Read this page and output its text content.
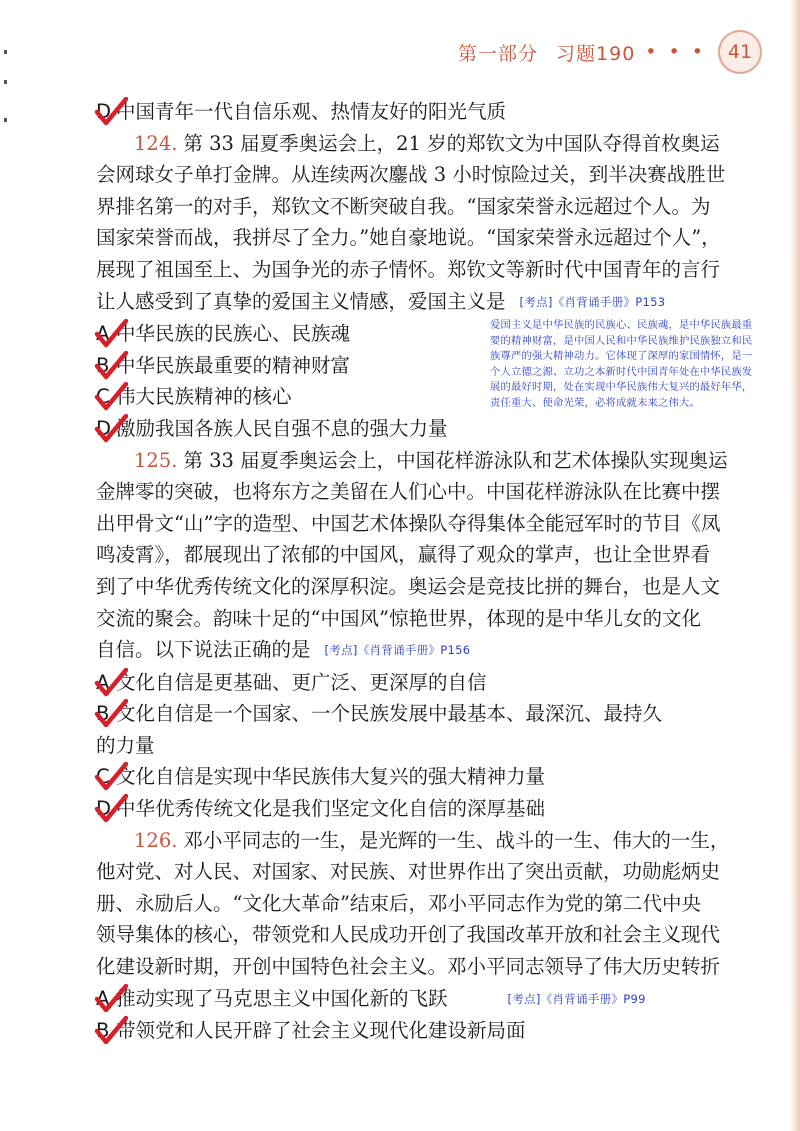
第一部分 习题190 • • •	41
D 中国青年一代自信乐观、热情友好的阳光气质
124. 第 33 届夏季奥运会上，21 岁的郑钦文为中国队夺得首枚奥运
会网球女子单打金牌。从连续两次鏖战 3 小时惊险过关，到半决赛战胜世
界排名第一的对手，郑钦文不断突破自我。“国家荣誉永远超过个人。为
国家荣誉而战，我拼尽了全力。”她自豪地说。“国家荣誉永远超过个人”，
展现了祖国至上、为国争光的赤子情怀。郑钦文等新时代中国青年的言行
让人感受到了真挚的爱国主义情感，爱国主义是 [考点]《肖背诵手册》P153
A 中华民族的民族心、民族魂
B 中华民族最重要的精神财富
C 伟大民族精神的核心
D 激励我国各族人民自强不息的强大力量
125. 第 33 届夏季奥运会上，中国花样游泳队和艺术体操队实现奥运
金牌零的突破，也将东方之美留在人们心中。中国花样游泳队在比赛中摆
出甲骨文“山”字的造型、中国艺术体操队夺得集体全能冠军时的节目《凤
鸣凌霄》，都展现出了浓郁的中国风，赢得了观众的掌声，也让全世界看
到了中华优秀传统文化的深厚积淀。奥运会是竞技比拼的舞台，也是人文
交流的聚会。韵味十足的“中国风”惊艳世界，体现的是中华儿女的文化
自信。以下说法正确的是 [考点]《肖背诵手册》P156
A 文化自信是更基础、更广泛、更深厚的自信
B 文化自信是一个国家、一个民族发展中最基本、最深沉、最持久
的力量
C 文化自信是实现中华民族伟大复兴的强大精神力量
D 中华优秀传统文化是我们坚定文化自信的深厚基础
126. 邓小平同志的一生，是光辉的一生、战斗的一生、伟大的一生，
他对党、对人民、对国家、对民族、对世界作出了突出贡献，功勋彪炳史
册、永励后人。“文化大革命”结束后，邓小平同志作为党的第二代中央
领导集体的核心，带领党和人民成功开创了我国改革开放和社会主义现代
化建设新时期，开创中国特色社会主义。邓小平同志领导了伟大历史转折
A 推动实现了马克思主义中国化新的飞跃	[考点]《肖背诵手册》P99
B 带领党和人民开辟了社会主义现代化建设新局面
爱国主义是中华民族的民族心、民族魂，是中华民族最重要的精神财富，是中国人民和中华民族维护民族独立和民族尊严的强大精神动力。它体现了深厚的家国情怀，是一个人立德之源、立功之本新时代中国青年处在中华民族发展的最好时期，处在实现中华民族伟大复兴的最好年华，责任重大、使命光荣，必将成就未来之伟大。
